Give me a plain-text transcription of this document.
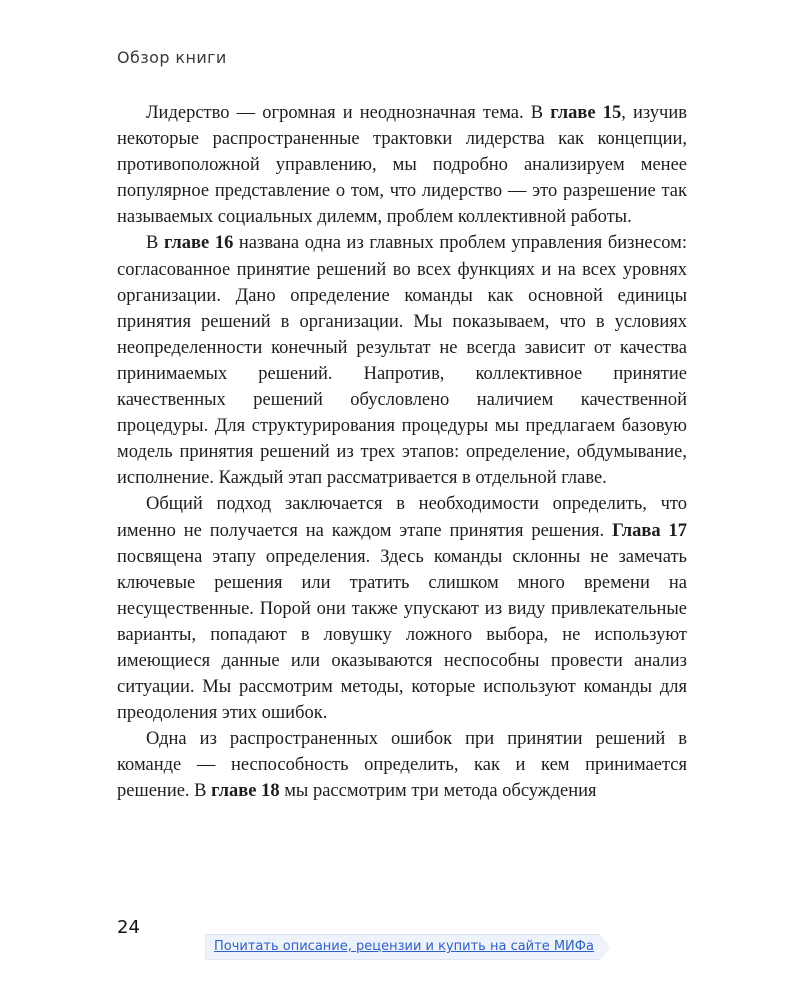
Обзор книги

Лидерство — огромная и неоднозначная тема. В главе 15, изучив некоторые распространенные трактовки лидерства как концепции, противоположной управлению, мы подробно анализируем менее популярное представление о том, что лидерство — это разрешение так называемых социальных дилемм, проблем коллективной работы.

В главе 16 названа одна из главных проблем управления бизнесом: согласованное принятие решений во всех функциях и на всех уровнях организации. Дано определение команды как основной единицы принятия решений в организации. Мы показываем, что в условиях неопределенности конечный результат не всегда зависит от качества принимаемых решений. Напротив, коллективное принятие качественных решений обусловлено наличием качественной процедуры. Для структурирования процедуры мы предлагаем базовую модель принятия решений из трех этапов: определение, обдумывание, исполнение. Каждый этап рассматривается в отдельной главе.

Общий подход заключается в необходимости определить, что именно не получается на каждом этапе принятия решения. Глава 17 посвящена этапу определения. Здесь команды склонны не замечать ключевые решения или тратить слишком много времени на несущественные. Порой они также упускают из виду привлекательные варианты, попадают в ловушку ложного выбора, не используют имеющиеся данные или оказываются неспособны провести анализ ситуации. Мы рассмотрим методы, которые используют команды для преодоления этих ошибок.

Одна из распространенных ошибок при принятии решений в команде — неспособность определить, как и кем принимается решение. В главе 18 мы рассмотрим три метода обсуждения

24
Почитать описание, рецензии и купить на сайте МИФа
